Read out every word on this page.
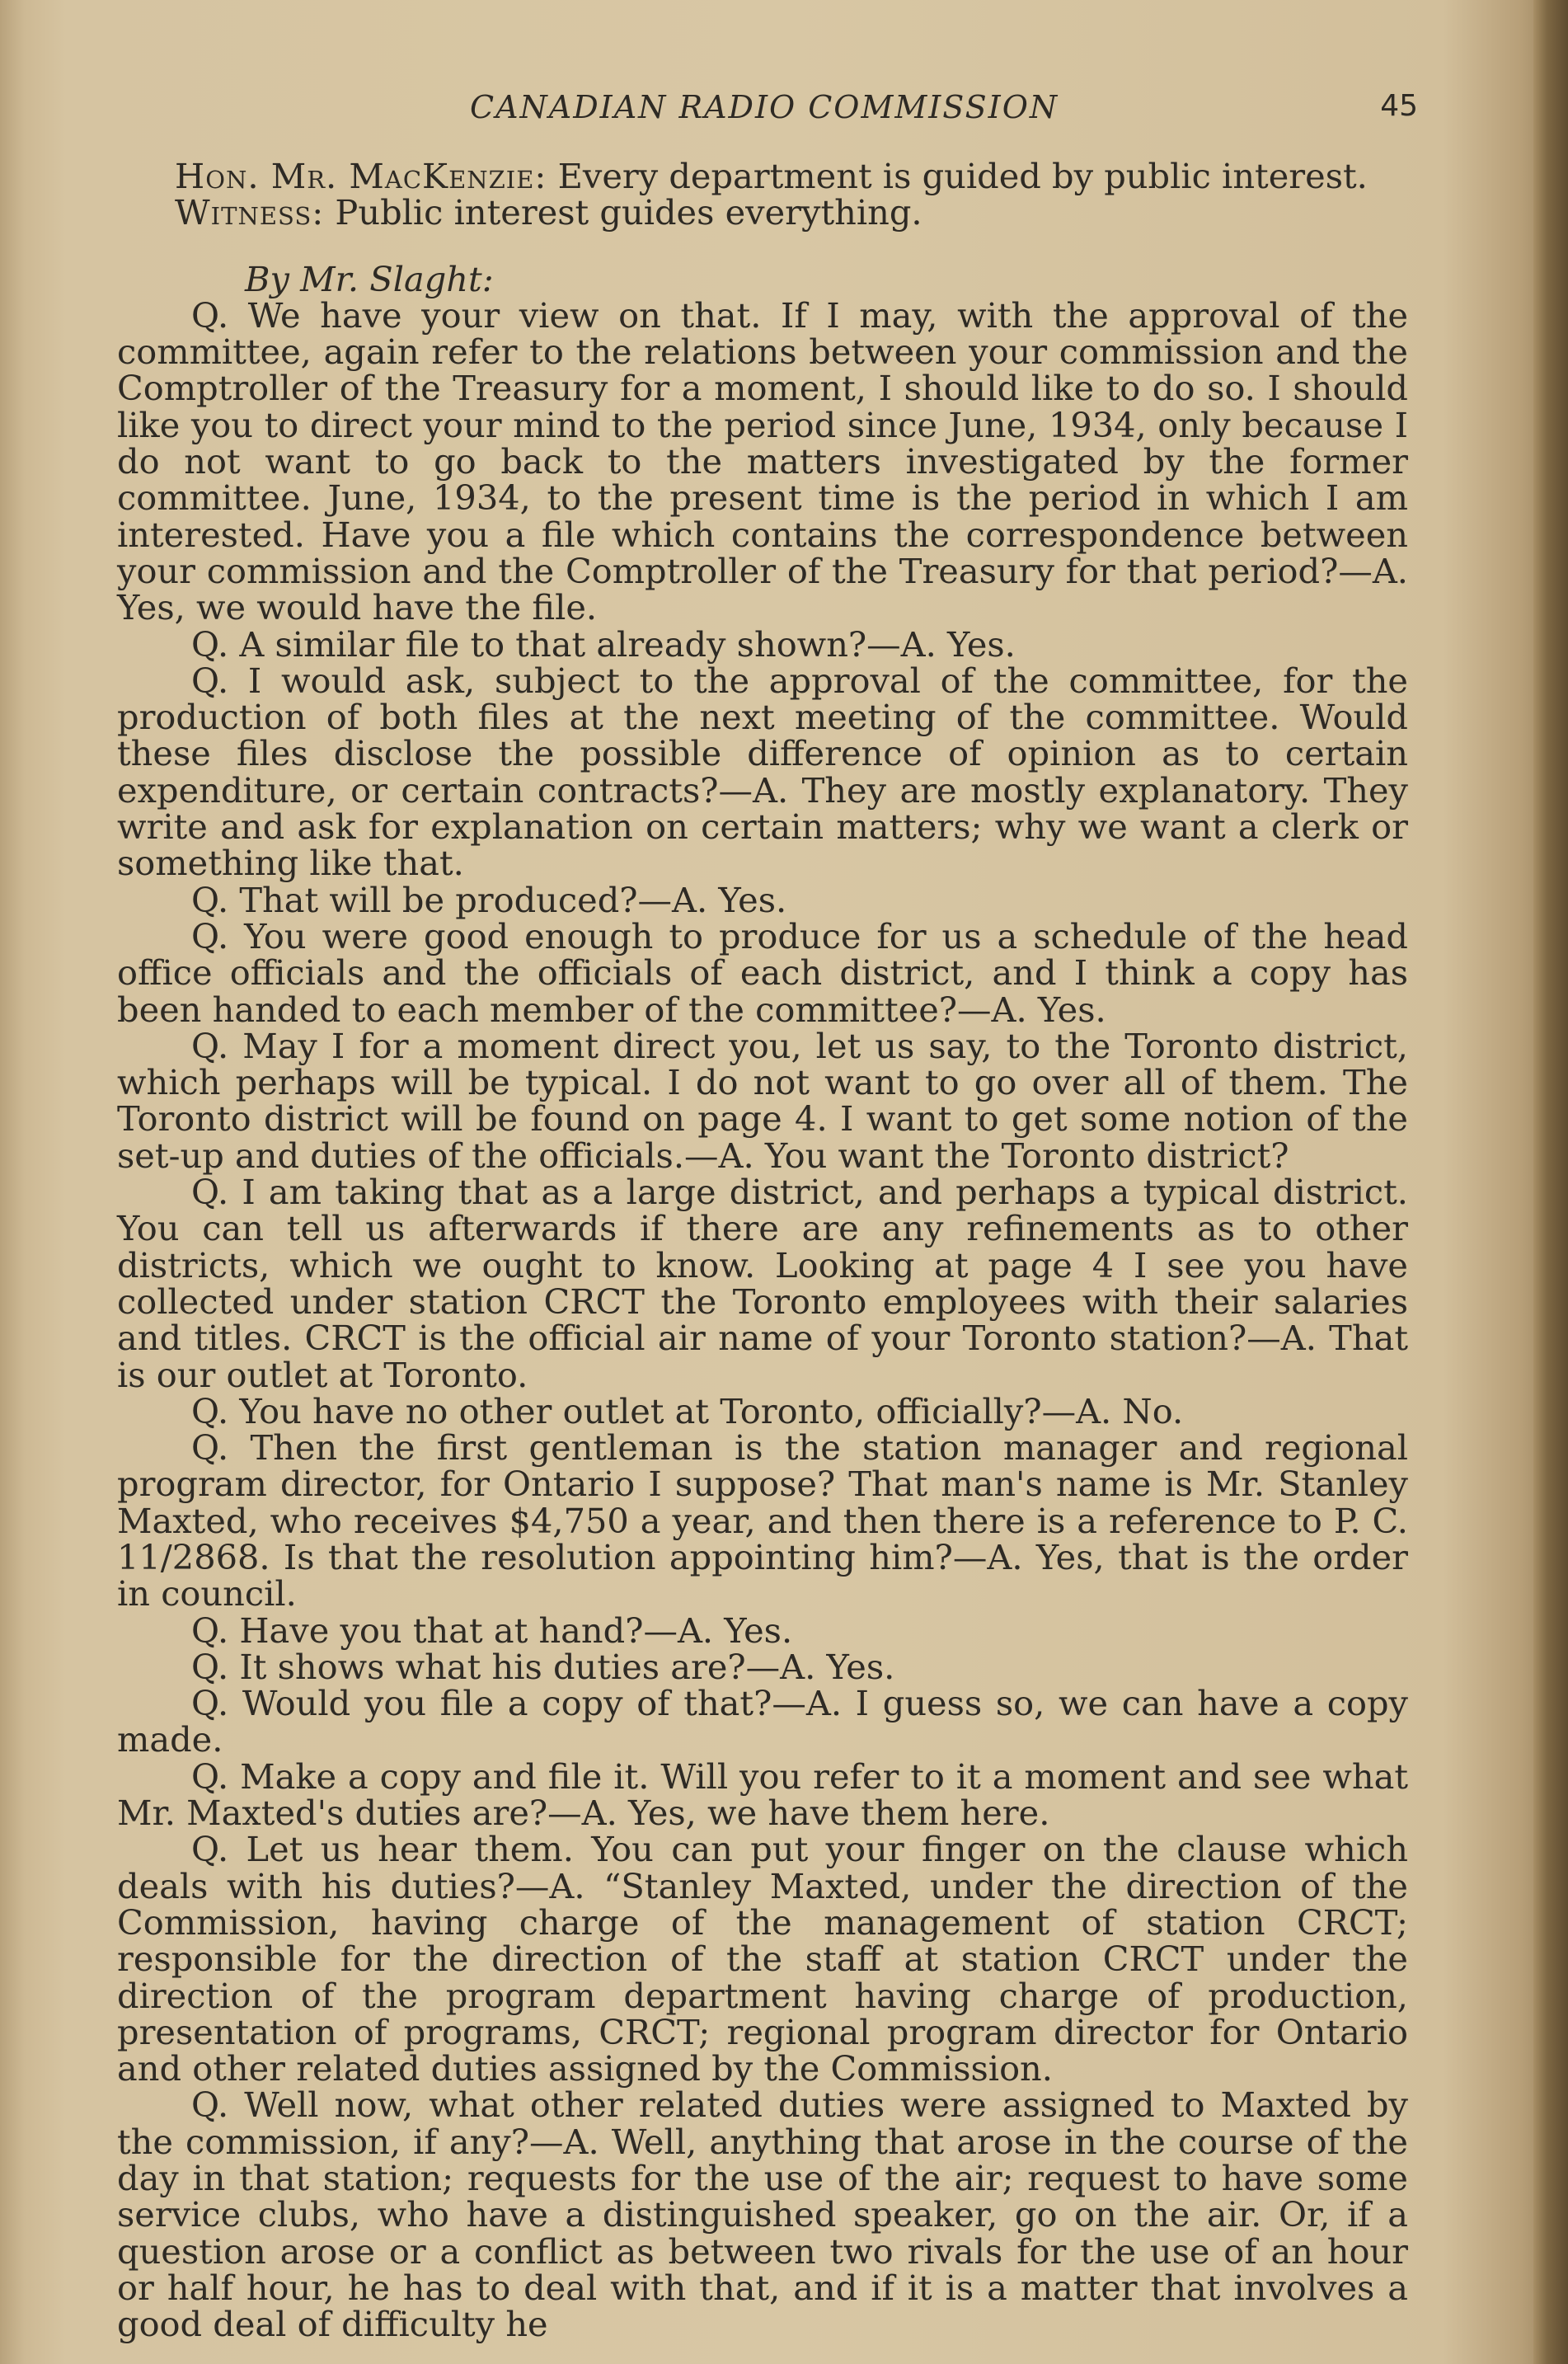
CANADIAN RADIO COMMISSION	45

Hon. Mr. MacKenzie: Every department is guided by public interest.

Witness: Public interest guides everything.

By Mr. Slaght:

Q. We have your view on that. If I may, with the approval of the committee, again refer to the relations between your commission and the Comptroller of the Treasury for a moment, I should like to do so. I should like you to direct your mind to the period since June, 1934, only because I do not want to go back to the matters investigated by the former committee. June, 1934, to the present time is the period in which I am interested. Have you a file which contains the correspondence between your commission and the Comptroller of the Treasury for that period?—A. Yes, we would have the file.

Q. A similar file to that already shown?—A. Yes.

Q. I would ask, subject to the approval of the committee, for the production of both files at the next meeting of the committee. Would these files disclose the possible difference of opinion as to certain expenditure, or certain contracts?—A. They are mostly explanatory. They write and ask for explanation on certain matters; why we want a clerk or something like that.

Q. That will be produced?—A. Yes.

Q. You were good enough to produce for us a schedule of the head office officials and the officials of each district, and I think a copy has been handed to each member of the committee?—A. Yes.

Q. May I for a moment direct you, let us say, to the Toronto district, which perhaps will be typical. I do not want to go over all of them. The Toronto district will be found on page 4. I want to get some notion of the set-up and duties of the officials.—A. You want the Toronto district?

Q. I am taking that as a large district, and perhaps a typical district. You can tell us afterwards if there are any refinements as to other districts, which we ought to know. Looking at page 4 I see you have collected under station CRCT the Toronto employees with their salaries and titles. CRCT is the official air name of your Toronto station?—A. That is our outlet at Toronto.

Q. You have no other outlet at Toronto, officially?—A. No.

Q. Then the first gentleman is the station manager and regional program director, for Ontario I suppose? That man's name is Mr. Stanley Maxted, who receives $4,750 a year, and then there is a reference to P. C. 11/2868. Is that the resolution appointing him?—A. Yes, that is the order in council.

Q. Have you that at hand?—A. Yes.

Q. It shows what his duties are?—A. Yes.

Q. Would you file a copy of that?—A. I guess so, we can have a copy made.

Q. Make a copy and file it. Will you refer to it a moment and see what Mr. Maxted's duties are?—A. Yes, we have them here.

Q. Let us hear them. You can put your finger on the clause which deals with his duties?—A. “Stanley Maxted, under the direction of the Commission, having charge of the management of station CRCT; responsible for the direction of the staff at station CRCT under the direction of the program department having charge of production, presentation of programs, CRCT; regional program director for Ontario and other related duties assigned by the Commission.

Q. Well now, what other related duties were assigned to Maxted by the commission, if any?—A. Well, anything that arose in the course of the day in that station; requests for the use of the air; request to have some service clubs, who have a distinguished speaker, go on the air. Or, if a question arose or a conflict as between two rivals for the use of an hour or half hour, he has to deal with that, and if it is a matter that involves a good deal of difficulty he
